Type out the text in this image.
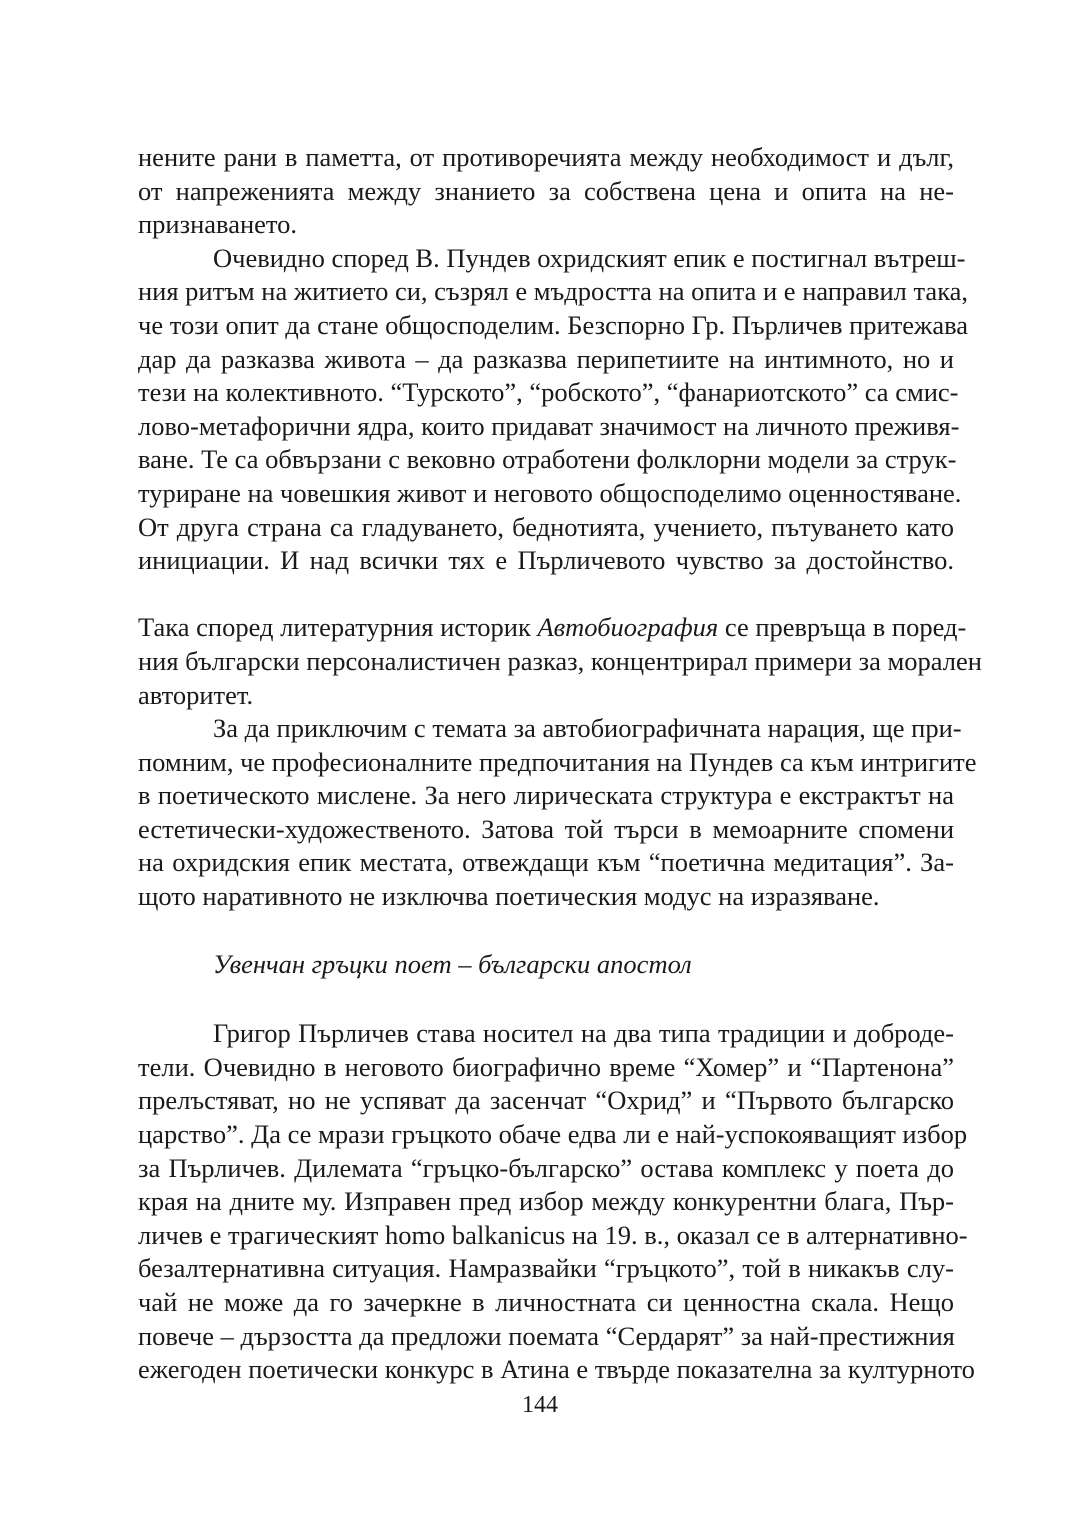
нените рани в паметта, от противоречията между необходимост и дълг,
от напреженията между знанието за собствена цена и опита на не-
признаването.
Очевидно според В. Пундев охридският епик е постигнал вътреш-
ния ритъм на житието си, съзрял е мъдростта на опита и е направил така,
че този опит да стане общосподелим. Безспорно Гр. Пърличев притежава
дар да разказва живота – да разказва перипетиите на интимното, но и
тези на колективното. “Турското”, “робското”, “фанариотското” са смис-
лово-метафорични ядра, които придават значимост на личното преживя-
ване. Те са обвързани с вековно отработени фолклорни модели за струк-
туриране на човешкия живот и неговото общосподелимо оценностяване.
От друга страна са гладуването, беднотията, учението, пътуването като
инициации. И над всички тях е Пърличевото чувство за достойнство.
Така според литературния историк Автобиография се превръща в поред-
ния български персоналистичен разказ, концентрирал примери за морален
авторитет.
За да приключим с темата за автобиографичната нарация, ще при-
помним, че професионалните предпочитания на Пундев са към интригите
в поетическото мислене. За него лирическата структура е екстрактът на
естетически-художественото. Затова той търси в мемоарните спомени
на охридския епик местата, отвеждащи към “поетична медитация”. За-
щото наративното не изключва поетическия модус на изразяване.
Увенчан гръцки поет – български апостол
Григор Пърличев става носител на два типа традиции и доброде-
тели. Очевидно в неговото биографично време “Хомер” и “Партенона”
прелъстяват, но не успяват да засенчат “Охрид” и “Първото българско
царство”. Да се мрази гръцкото обаче едва ли е най-успокояващият избор
за Пърличев. Дилемата “гръцко-българско” остава комплекс у поета до
края на дните му. Изправен пред избор между конкурентни блага, Пър-
личев е трагическият homo balkanicus на 19. в., оказал се в алтернативно-
безалтернативна ситуация. Намразвайки “гръцкото”, той в никакъв слу-
чай не може да го зачеркне в личностната си ценностна скала. Нещо
повече – дързостта да предложи поемата “Сердарят” за най-престижния
ежегоден поетически конкурс в Атина е твърде показателна за културното
144
